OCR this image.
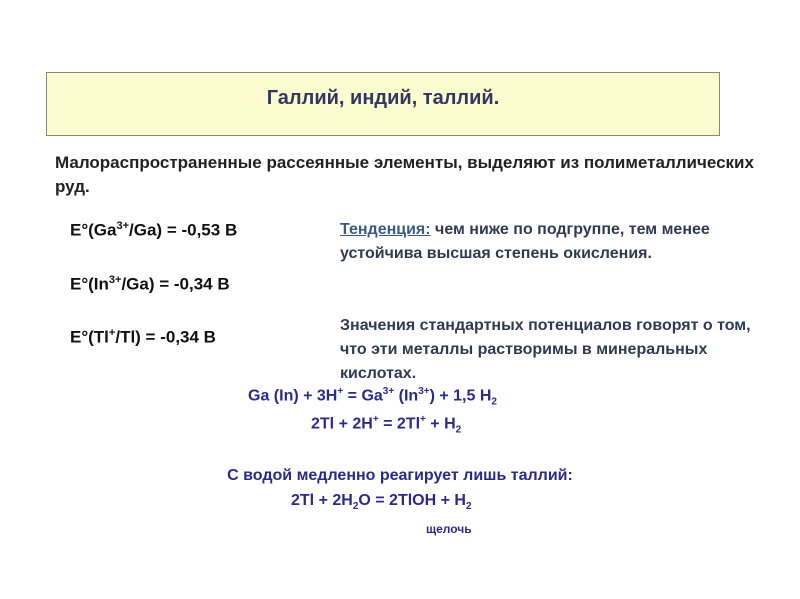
Галлий, индий, таллий.
Малораспространенные рассеянные элементы, выделяют из полиметаллических руд.
$E^\circ(Ga^{3+}/Ga) = -0,53$ В
$E^\circ(In^{3+}/Ga) = -0,34$ В
E°(Tl+/Tl) = -0,34 В
Тенденция: чем ниже по подгруппе, тем менее устойчива высшая степень окисления.
Значения стандартных потенциалов говорят о том, что эти металлы растворимы в минеральных кислотах.
Ga $(In) + 3H^+ = Ga^{3+}$ $(In^{3+}) + 1,5$ $H_2$
$2Tl + 2H^+ = 2Tl^+ + H_2$
С водой медленно реагирует лишь таллий:
$2Tl + 2H_2O$ = 2TlOH + $H_2$
щелочь
